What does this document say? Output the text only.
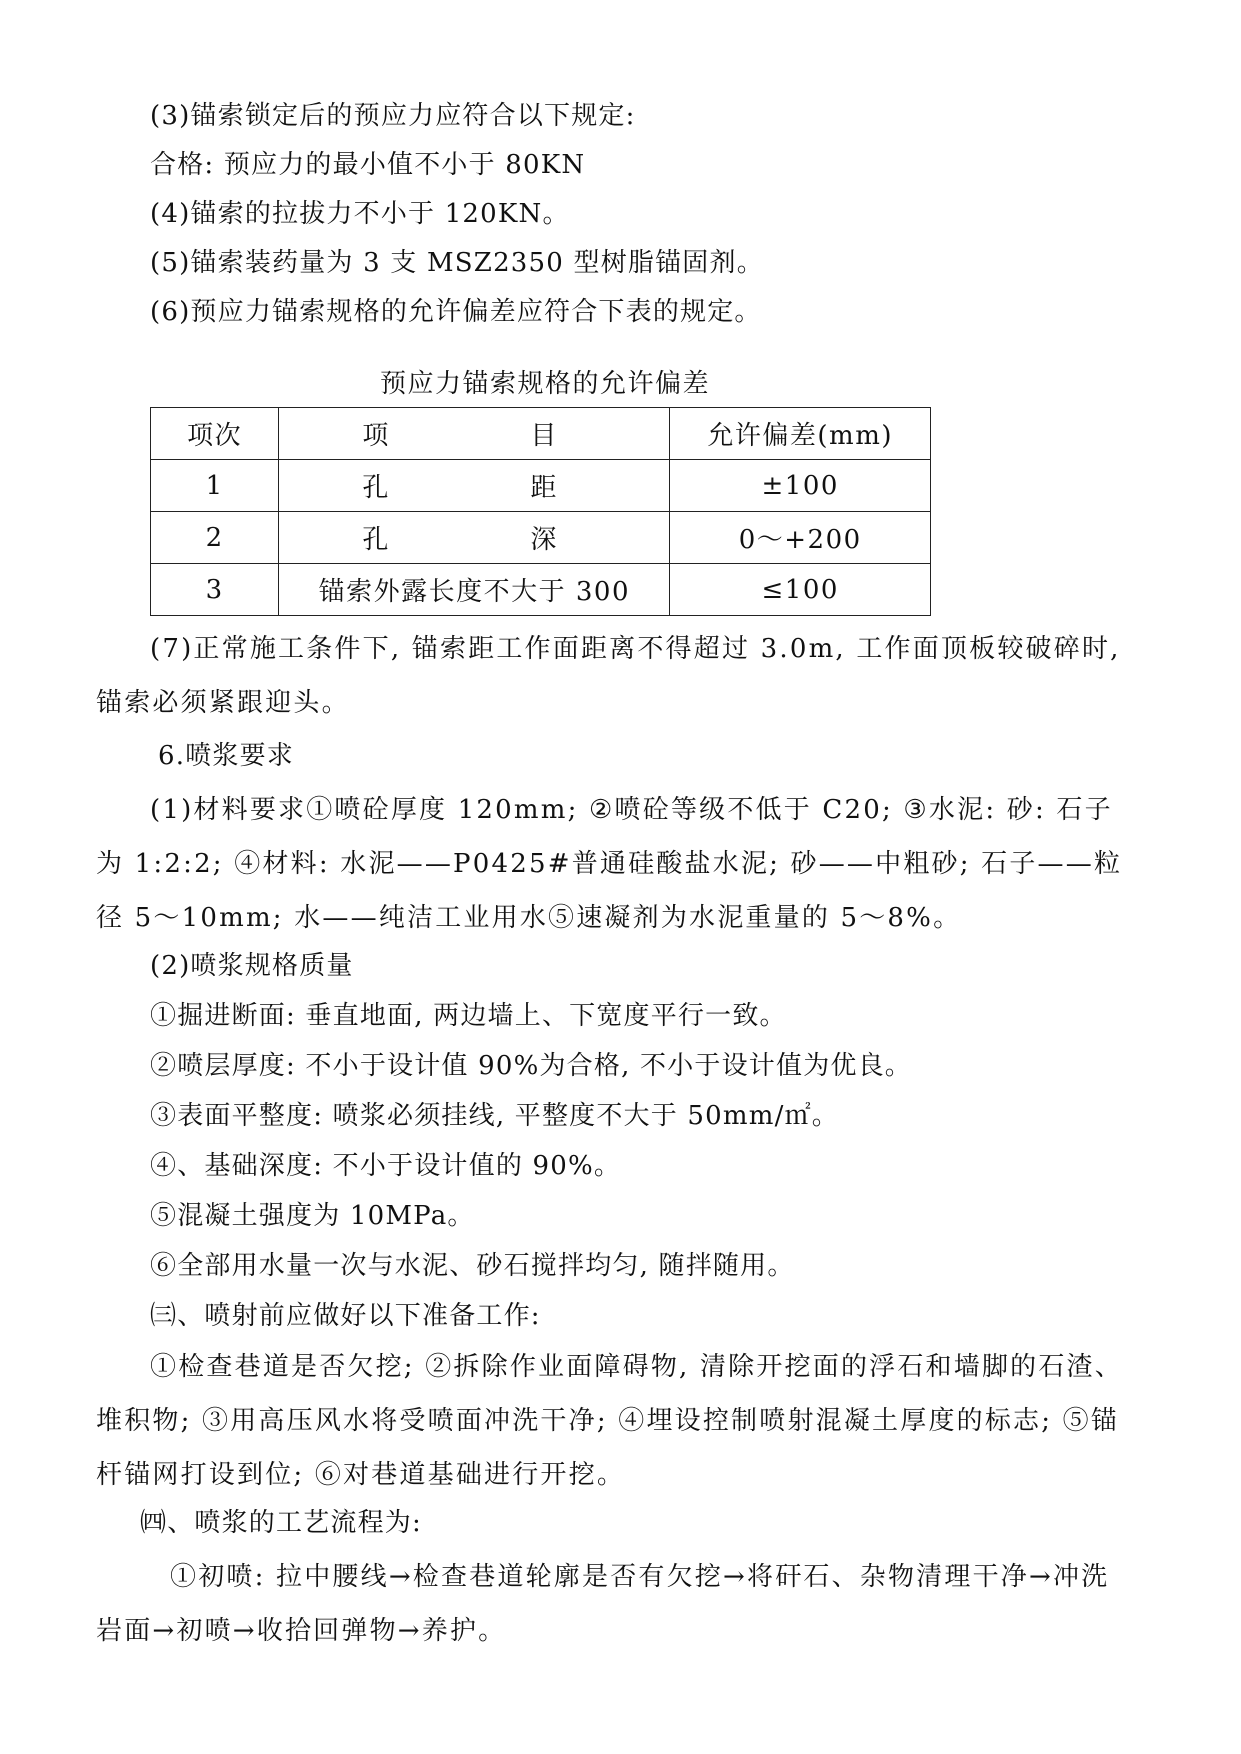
(3)锚索锁定后的预应力应符合以下规定:
合格: 预应力的最小值不小于 80KN
(4)锚索的拉拔力不小于 120KN。
(5)锚索装药量为 3 支 MSZ2350 型树脂锚固剂。
(6)预应力锚索规格的允许偏差应符合下表的规定。
预应力锚索规格的允许偏差
项次	项　　目	允许偏差(mm)
1	孔　　距	±100
2	孔　　深	0～+200
3	锚索外露长度不大于 300	≤100
(7)正常施工条件下, 锚索距工作面距离不得超过 3.0m, 工作面顶板较破碎时, 锚索必须紧跟迎头。
6.喷浆要求
(1)材料要求①喷砼厚度 120mm; ②喷砼等级不低于 C20; ③水泥: 砂: 石子为 1:2:2; ④材料: 水泥——P0425#普通硅酸盐水泥; 砂——中粗砂; 石子——粒径 5～10mm; 水——纯洁工业用水⑤速凝剂为水泥重量的 5～8%。
(2)喷浆规格质量
①掘进断面: 垂直地面, 两边墙上、下宽度平行一致。
②喷层厚度: 不小于设计值 90%为合格, 不小于设计值为优良。
③表面平整度: 喷浆必须挂线, 平整度不大于 50mm/㎡。
④、基础深度: 不小于设计值的 90%。
⑤混凝土强度为 10MPa。
⑥全部用水量一次与水泥、砂石搅拌均匀, 随拌随用。
㈢、喷射前应做好以下准备工作:
①检查巷道是否欠挖; ②拆除作业面障碍物, 清除开挖面的浮石和墙脚的石渣、堆积物; ③用高压风水将受喷面冲洗干净; ④埋设控制喷射混凝土厚度的标志; ⑤锚杆锚网打设到位; ⑥对巷道基础进行开挖。
㈣、喷浆的工艺流程为:
①初喷: 拉中腰线→检查巷道轮廓是否有欠挖→将矸石、杂物清理干净→冲洗岩面→初喷→收拾回弹物→养护。
